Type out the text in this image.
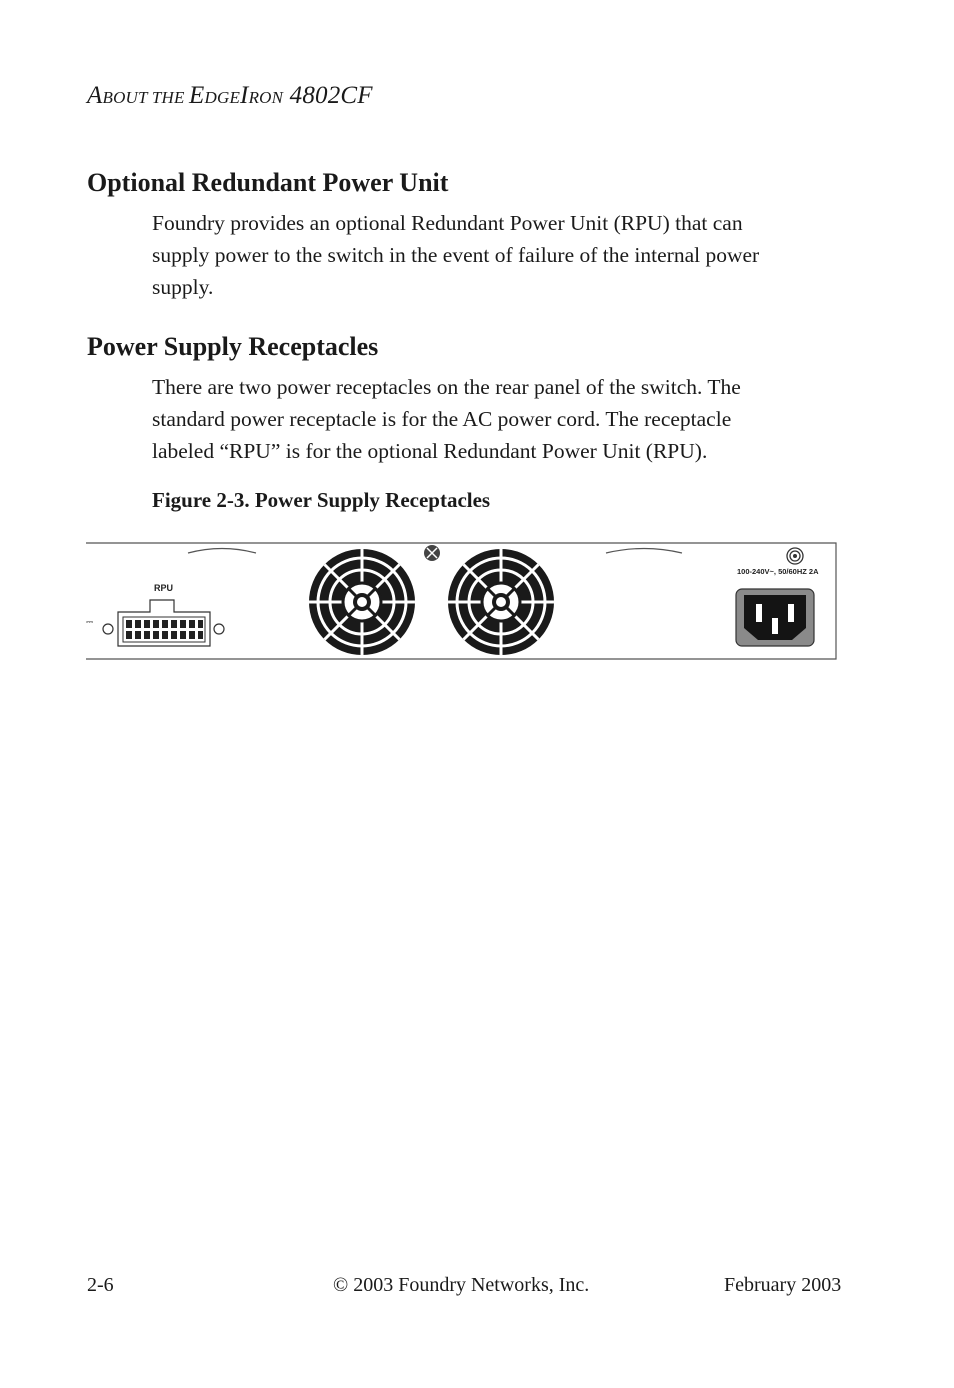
ABOUT THE EDGEIRON 4802CF
Optional Redundant Power Unit

Foundry provides an optional Redundant Power Unit (RPU) that can
supply power to the switch in the event of failure of the internal power
supply.

Power Supply Receptacles

There are two power receptacles on the rear panel of the switch. The
standard power receptacle is for the AC power cord. The receptacle
labeled “RPU” is for the optional Redundant Power Unit (RPU).

Figure 2-3. Power Supply Receptacles
⎓
RPU
100-240V~, 50/60HZ 2A
2-6	© 2003 Foundry Networks, Inc.	February 2003
